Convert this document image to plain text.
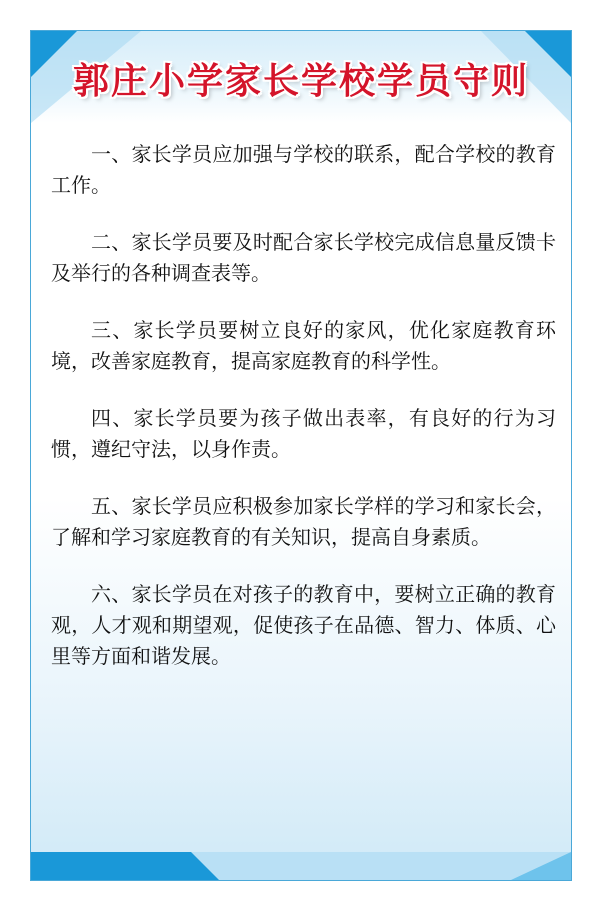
郭庄小学家长学校学员守则

一、家长学员应加强与学校的联系，配合学校的教育工作。

二、家长学员要及时配合家长学校完成信息量反馈卡及举行的各种调查表等。

三、家长学员要树立良好的家风，优化家庭教育环境，改善家庭教育，提高家庭教育的科学性。

四、家长学员要为孩子做出表率，有良好的行为习惯，遵纪守法，以身作责。

五、家长学员应积极参加家长学样的学习和家长会，了解和学习家庭教育的有关知识，提高自身素质。

六、家长学员在对孩子的教育中，要树立正确的教育观，人才观和期望观，促使孩子在品德、智力、体质、心里等方面和谐发展。
